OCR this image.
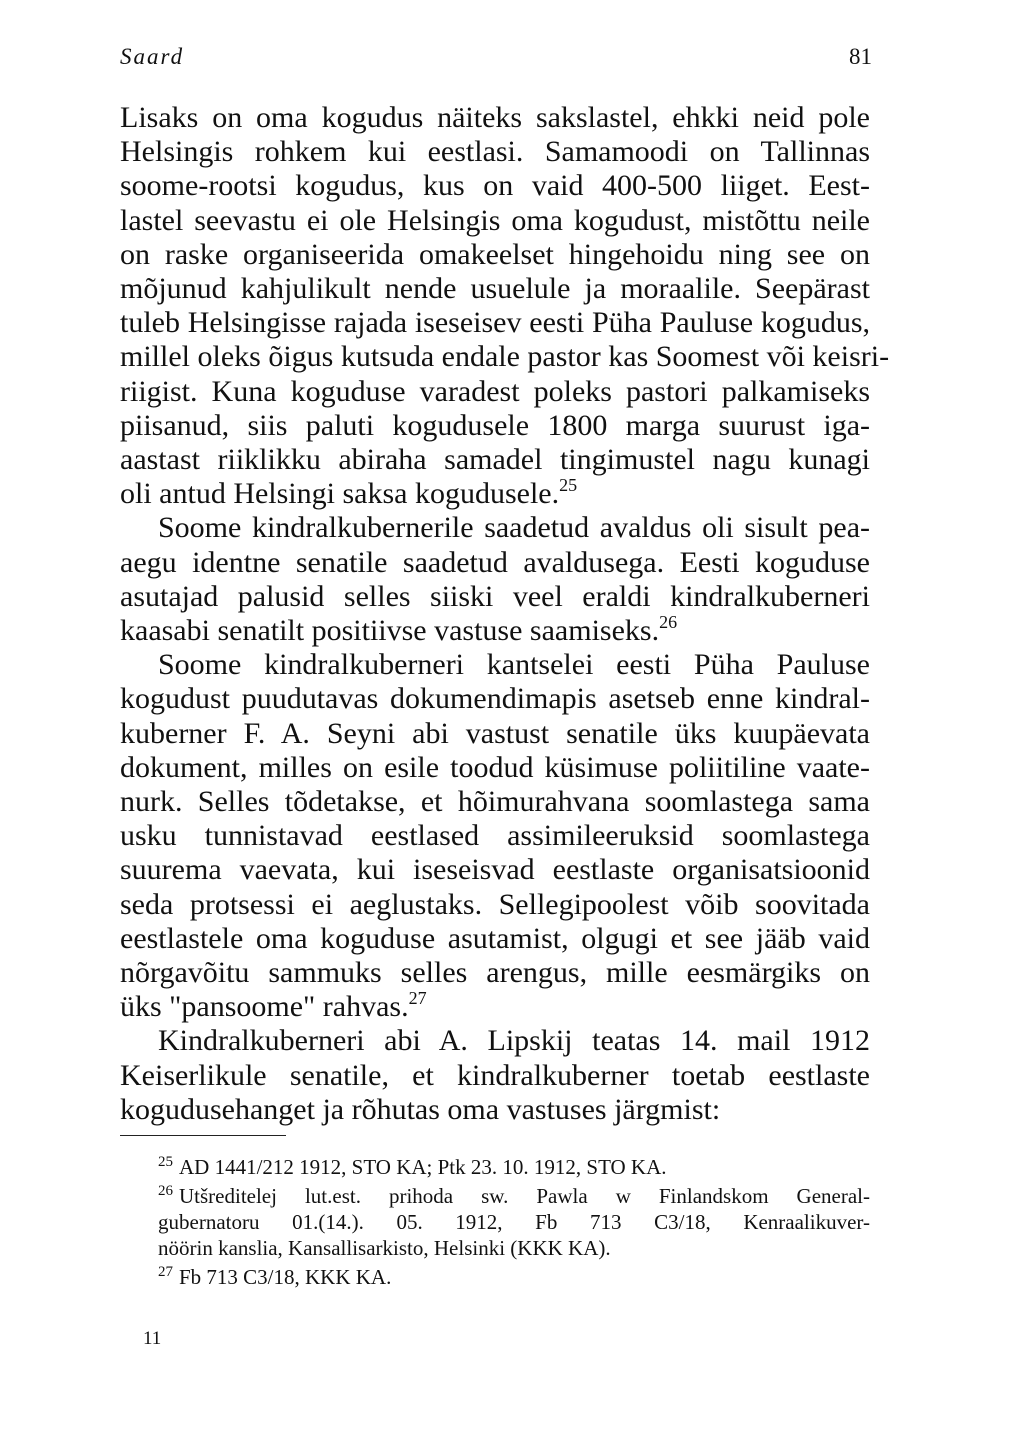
Saard	81
Lisaks on oma kogudus näiteks sakslastel, ehkki neid pole
Helsingis rohkem kui eestlasi. Samamoodi on Tallinnas
soome-rootsi kogudus, kus on vaid 400-500 liiget. Eest-
lastel seevastu ei ole Helsingis oma kogudust, mistõttu neile
on raske organiseerida omakeelset hingehoidu ning see on
mõjunud kahjulikult nende usuelule ja moraalile. Seepärast
tuleb Helsingisse rajada iseseisev eesti Püha Pauluse kogudus,
millel oleks õigus kutsuda endale pastor kas Soomest või keisri-
riigist. Kuna koguduse varadest poleks pastori palkamiseks
piisanud, siis paluti kogudusele 1800 marga suurust iga-
aastast riiklikku abiraha samadel tingimustel nagu kunagi
oli antud Helsingi saksa kogudusele.$^{25}$
Soome kindralkubernerile saadetud avaldus oli sisult pea-
aegu identne senatile saadetud avaldusega. Eesti koguduse
asutajad palusid selles siiski veel eraldi kindralkuberneri
kaasabi senatilt positiivse vastuse saamiseks.$^{26}$
Soome kindralkuberneri kantselei eesti Püha Pauluse
kogudust puudutavas dokumendimapis asetseb enne kindral-
kuberner F. A. Seyni abi vastust senatile üks kuupäevata
dokument, milles on esile toodud küsimuse poliitiline vaate-
nurk. Selles tõdetakse, et hõimurahvana soomlastega sama
usku tunnistavad eestlased assimileeruksid soomlastega
suurema vaevata, kui iseseisvad eestlaste organisatsioonid
seda protsessi ei aeglustaks. Sellegipoolest võib soovitada
eestlastele oma koguduse asutamist, olgugi et see jääb vaid
nõrgavõitu sammuks selles arengus, mille eesmärgiks on
üks "pansoome" rahvas.$^{27}$
Kindralkuberneri abi A. Lipskij teatas 14. mail 1912
Keiserlikule senatile, et kindralkuberner toetab eestlaste
kogudusehanget ja rõhutas oma vastuses järgmist:
$^{25}$ AD 1441/212 1912, STO KA; Ptk 23. 10. 1912, STO KA.
$^{26}$ Utšreditelej lut.est. prihoda sw. Pawla w Finlandskom General-
gubernatoru 01.(14.). 05. 1912, Fb 713 C3/18, Kenraalikuver-
nöörin kanslia, Kansallisarkisto, Helsinki (KKK KA).
$^{27}$ Fb 713 C3/18, KKK KA.
11
